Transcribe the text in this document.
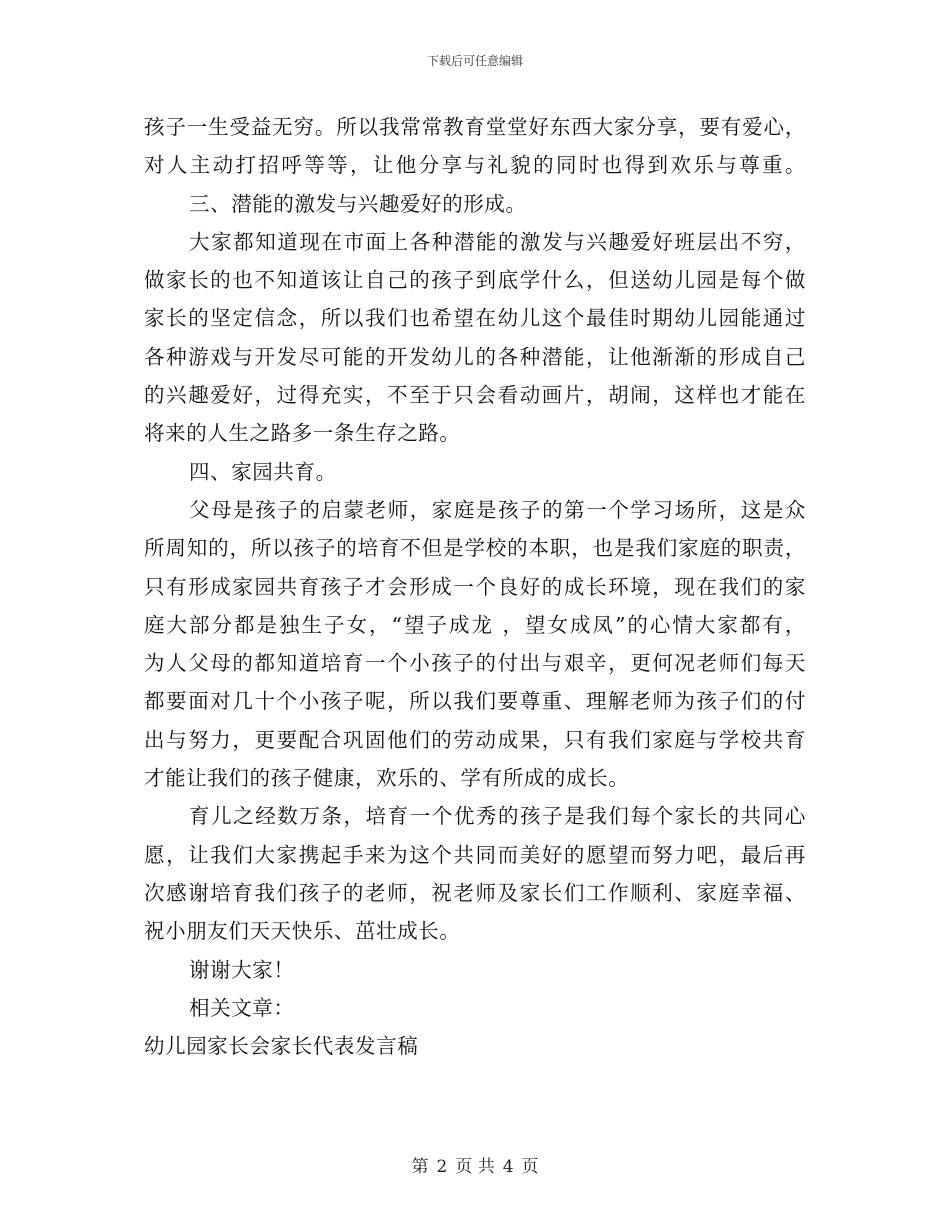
下载后可任意编辑
孩子一生受益无穷。所以我常常教育堂堂好东西大家分享，要有爱心，
对人主动打招呼等等，让他分享与礼貌的同时也得到欢乐与尊重。
三、潜能的激发与兴趣爱好的形成。
大家都知道现在市面上各种潜能的激发与兴趣爱好班层出不穷，
做家长的也不知道该让自己的孩子到底学什么，但送幼儿园是每个做
家长的坚定信念，所以我们也希望在幼儿这个最佳时期幼儿园能通过
各种游戏与开发尽可能的开发幼儿的各种潜能，让他渐渐的形成自己
的兴趣爱好，过得充实，不至于只会看动画片，胡闹，这样也才能在
将来的人生之路多一条生存之路。
四、家园共育。
父母是孩子的启蒙老师，家庭是孩子的第一个学习场所，这是众
所周知的，所以孩子的培育不但是学校的本职，也是我们家庭的职责，
只有形成家园共育孩子才会形成一个良好的成长环境，现在我们的家
庭大部分都是独生子女，“望子成龙 ，望女成凤”的心情大家都有，
为人父母的都知道培育一个小孩子的付出与艰辛，更何况老师们每天
都要面对几十个小孩子呢，所以我们要尊重、理解老师为孩子们的付
出与努力，更要配合巩固他们的劳动成果，只有我们家庭与学校共育
才能让我们的孩子健康，欢乐的、学有所成的成长。
育儿之经数万条，培育一个优秀的孩子是我们每个家长的共同心
愿，让我们大家携起手来为这个共同而美好的愿望而努力吧，最后再
次感谢培育我们孩子的老师，祝老师及家长们工作顺利、家庭幸福、
祝小朋友们天天快乐、茁壮成长。
谢谢大家！
相关文章：
幼儿园家长会家长代表发言稿
第 2 页 共 4 页
